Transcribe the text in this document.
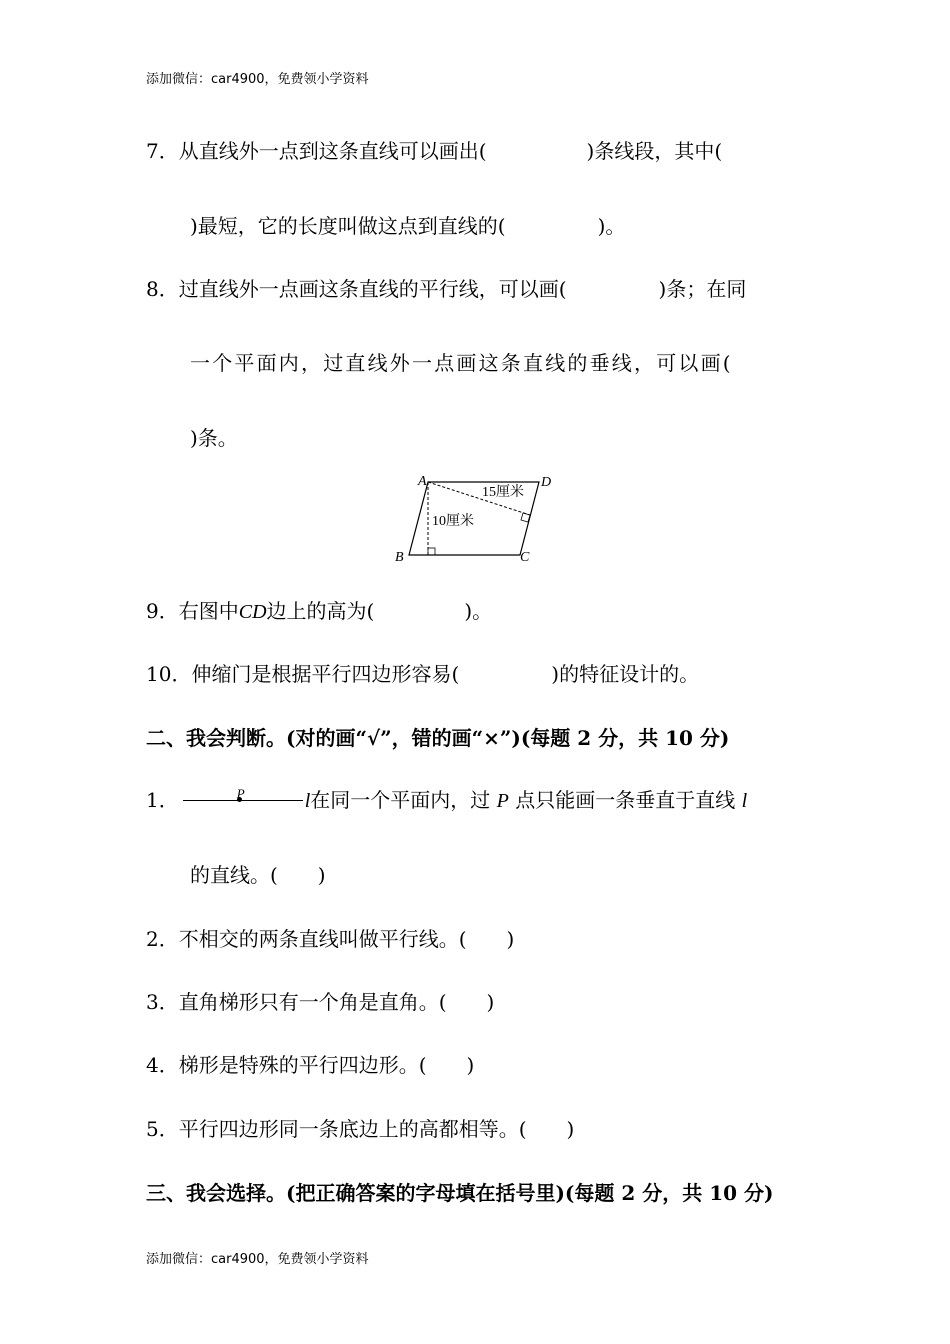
添加微信：car4900，免费领小学资料
7．从直线外一点到这条直线可以画出(	)条线段，其中(
)最短，它的长度叫做这点到直线的(	)。
8．过直线外一点画这条直线的平行线，可以画(	)条；在同
一个平面内，过直线外一点画这条直线的垂线，可以画(
)条。
A	D
B	C
15厘米
10厘米
9．右图中CD边上的高为(	)。
10．伸缩门是根据平行四边形容易(	)的特征设计的。
二、我会判断。(对的画“√”，错的画“×”)(每题 2 分，共 10 分)
1．	P	l在同一个平面内，过 P 点只能画一条垂直于直线 l
的直线。(  )
2．不相交的两条直线叫做平行线。(  )
3．直角梯形只有一个角是直角。(  )
4．梯形是特殊的平行四边形。(  )
5．平行四边形同一条底边上的高都相等。(  )
三、我会选择。(把正确答案的字母填在括号里)(每题 2 分，共 10 分)
添加微信：car4900，免费领小学资料
